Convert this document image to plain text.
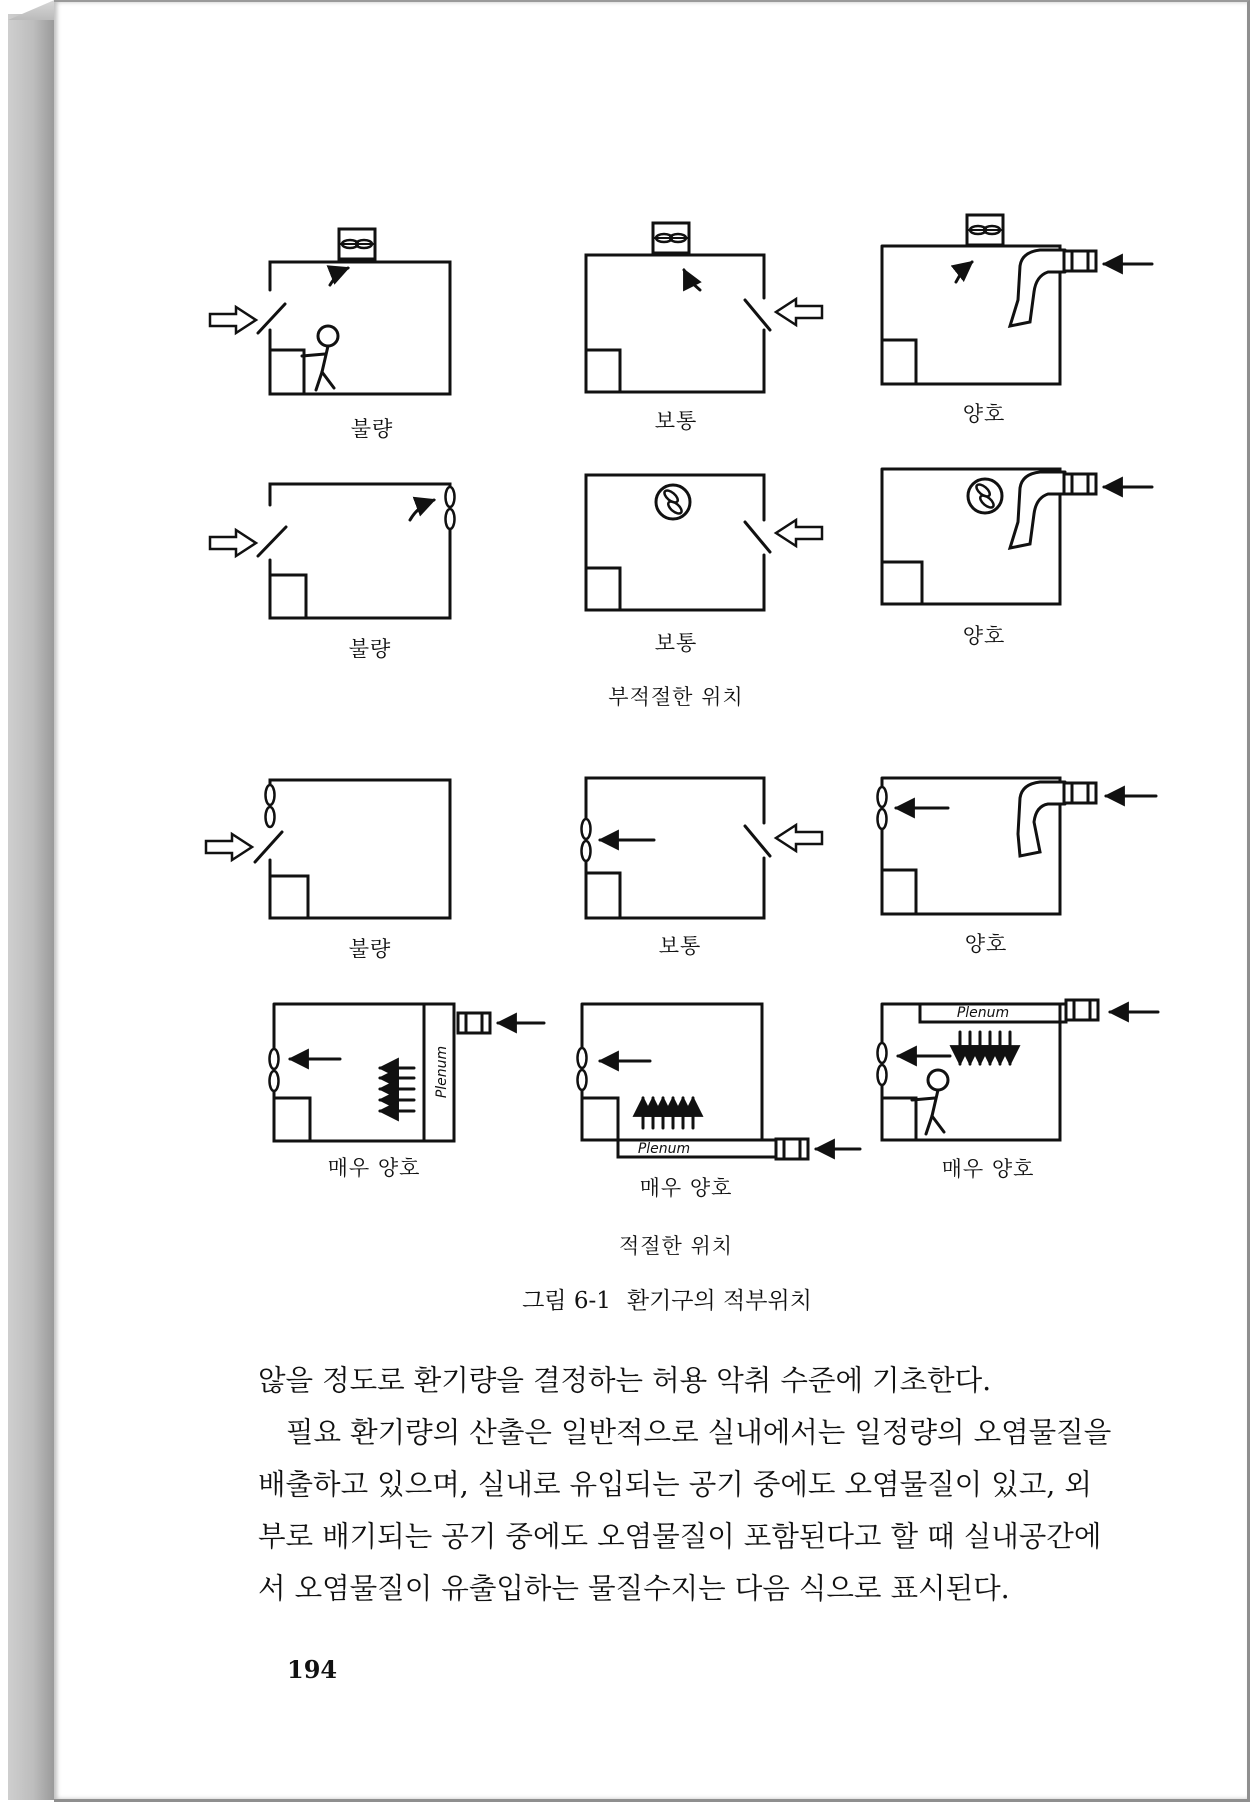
Plenum
Plenum
Plenum
불량	보통	양호
불량	보통	양호
부적절한 위치
불량	보통	양호
매우 양호
매우 양호
매우 양호
적절한 위치
그림 6-1 환기구의 적부위치

않을 정도로 환기량을 결정하는 허용 악취 수준에 기초한다.

필요 환기량의 산출은 일반적으로 실내에서는 일정량의 오염물질을

배출하고 있으며, 실내로 유입되는 공기 중에도 오염물질이 있고, 외

부로 배기되는 공기 중에도 오염물질이 포함된다고 할 때 실내공간에

서 오염물질이 유출입하는 물질수지는 다음 식으로 표시된다.

194
